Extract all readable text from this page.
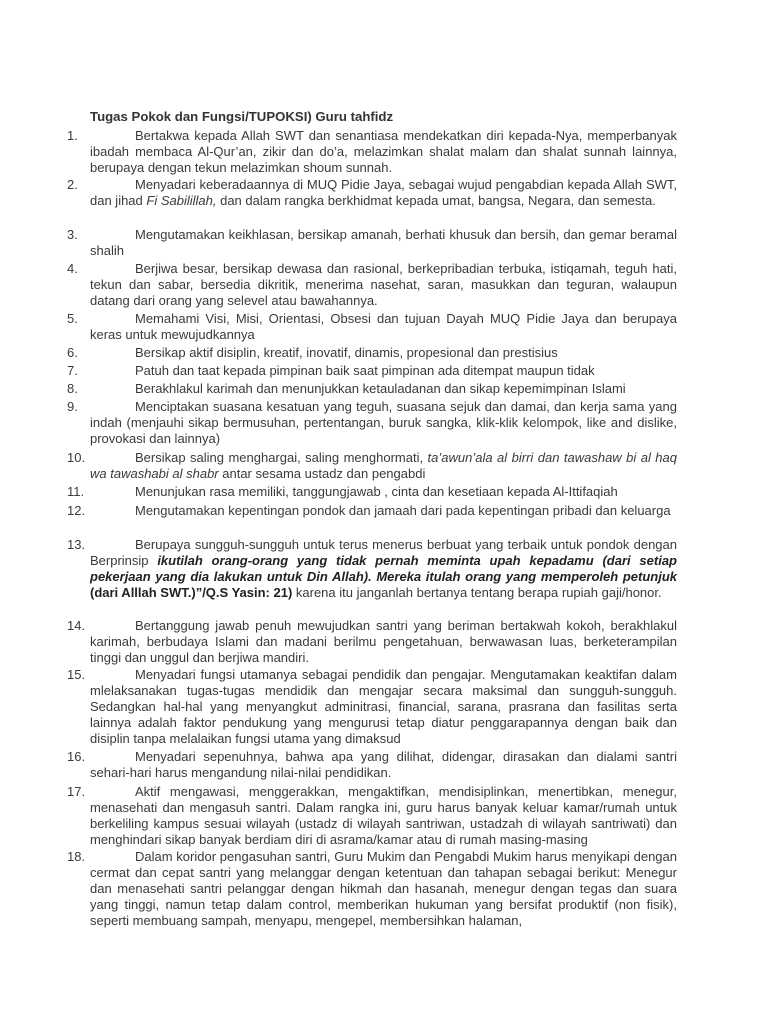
Tugas Pokok dan Fungsi/TUPOKSI) Guru tahfidz
1.	Bertakwa kepada Allah SWT dan senantiasa mendekatkan diri kepada-Nya, memperbanyak ibadah membaca Al-Qur’an, zikir dan do’a, melazimkan shalat malam dan shalat sunnah lainnya, berupaya dengan tekun melazimkan shoum sunnah.
2.	Menyadari keberadaannya di MUQ Pidie Jaya, sebagai wujud pengabdian kepada Allah SWT, dan jihad Fi Sabilillah, dan dalam rangka berkhidmat kepada umat, bangsa, Negara, dan semesta.
3.	Mengutamakan keikhlasan, bersikap amanah, berhati khusuk dan bersih, dan gemar beramal shalih
4.	Berjiwa besar, bersikap dewasa dan rasional, berkepribadian terbuka, istiqamah, teguh hati, tekun dan sabar, bersedia dikritik, menerima nasehat, saran, masukkan dan teguran, walaupun datang dari orang yang selevel atau bawahannya.
5.	Memahami Visi, Misi, Orientasi, Obsesi dan tujuan Dayah MUQ Pidie Jaya dan berupaya keras untuk mewujudkannya
6.	Bersikap aktif disiplin, kreatif, inovatif, dinamis, propesional dan prestisius
7.	Patuh dan taat kepada pimpinan baik saat pimpinan ada ditempat maupun tidak
8.	Berakhlakul karimah dan menunjukkan ketauladanan dan sikap kepemimpinan Islami
9.	Menciptakan suasana kesatuan yang teguh, suasana sejuk dan damai, dan kerja sama yang indah (menjauhi sikap bermusuhan, pertentangan, buruk sangka, klik-klik kelompok, like and dislike, provokasi dan lainnya)
10.	Bersikap saling menghargai, saling menghormati, ta’awun’ala al birri dan tawashaw bi al haq wa tawashabi al shabr antar sesama ustadz dan pengabdi
11.	Menunjukan rasa memiliki, tanggungjawab , cinta dan kesetiaan kepada Al-Ittifaqiah
12.	Mengutamakan kepentingan pondok dan jamaah dari pada kepentingan pribadi dan keluarga
13.	Berupaya sungguh-sungguh untuk terus menerus berbuat yang terbaik untuk pondok dengan Berprinsip ikutilah orang-orang yang tidak pernah meminta upah kepadamu (dari setiap pekerjaan yang dia lakukan untuk Din Allah). Mereka itulah orang yang memperoleh petunjuk (dari Alllah SWT.)”/Q.S Yasin: 21) karena itu janganlah bertanya tentang berapa rupiah gaji/honor.
14.	Bertanggung jawab penuh mewujudkan santri yang beriman bertakwah kokoh, berakhlakul karimah, berbudaya Islami dan madani berilmu pengetahuan, berwawasan luas, berketerampilan tinggi dan unggul dan berjiwa mandiri.
15.	Menyadari fungsi utamanya sebagai pendidik dan pengajar. Mengutamakan keaktifan dalam mlelaksanakan tugas-tugas mendidik dan mengajar secara maksimal dan sungguh-sungguh. Sedangkan hal-hal yang menyangkut adminitrasi, financial, sarana, prasrana dan fasilitas serta lainnya adalah faktor pendukung yang mengurusi tetap diatur penggarapannya dengan baik dan disiplin tanpa melalaikan fungsi utama yang dimaksud
16.	Menyadari sepenuhnya, bahwa apa yang dilihat, didengar, dirasakan dan dialami santri sehari-hari harus mengandung nilai-nilai pendidikan.
17.	Aktif mengawasi, menggerakkan, mengaktifkan, mendisiplinkan, menertibkan, menegur, menasehati dan mengasuh santri. Dalam rangka ini, guru harus banyak keluar kamar/rumah untuk berkeliling kampus sesuai wilayah (ustadz di wilayah santriwan, ustadzah di wilayah santriwati) dan menghindari sikap banyak berdiam diri di asrama/kamar atau di rumah masing-masing
18.	Dalam koridor pengasuhan santri, Guru Mukim dan Pengabdi Mukim harus menyikapi dengan cermat dan cepat santri yang melanggar dengan ketentuan dan tahapan sebagai berikut: Menegur dan menasehati santri pelanggar dengan hikmah dan hasanah, menegur dengan tegas dan suara yang tinggi, namun tetap dalam control, memberikan hukuman yang bersifat produktif (non fisik), seperti membuang sampah, menyapu, mengepel, membersihkan halaman,
